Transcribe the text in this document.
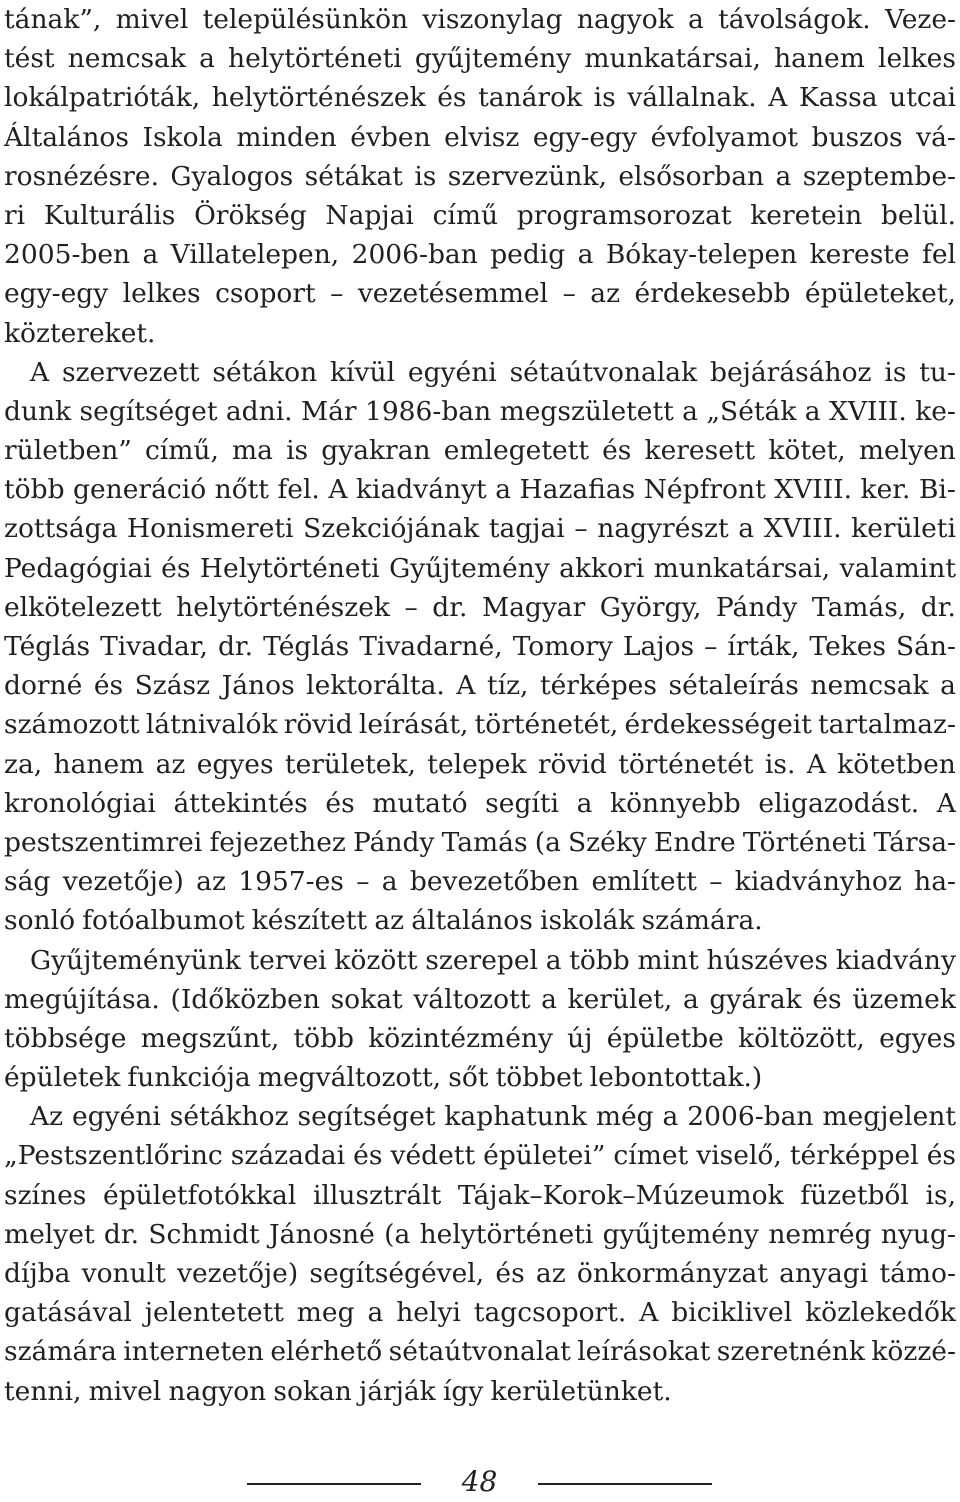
tának”, mivel településünkön viszonylag nagyok a távolságok. Veze-
tést nemcsak a helytörténeti gyűjtemény munkatársai, hanem lelkes
lokálpatrióták, helytörténészek és tanárok is vállalnak. A Kassa utcai
Általános Iskola minden évben elvisz egy-egy évfolyamot buszos vá-
rosnézésre. Gyalogos sétákat is szervezünk, elsősorban a szeptembe-
ri Kulturális Örökség Napjai című programsorozat keretein belül.
2005-ben a Villatelepen, 2006-ban pedig a Bókay-telepen kereste fel
egy-egy lelkes csoport – vezetésemmel – az érdekesebb épületeket,
köztereket.
A szervezett sétákon kívül egyéni sétaútvonalak bejárásához is tu-
dunk segítséget adni. Már 1986-ban megszületett a „Séták a XVIII. ke-
rületben” című, ma is gyakran emlegetett és keresett kötet, melyen
több generáció nőtt fel. A kiadványt a Hazafias Népfront XVIII. ker. Bi-
zottsága Honismereti Szekciójának tagjai – nagyrészt a XVIII. kerületi
Pedagógiai és Helytörténeti Gyűjtemény akkori munkatársai, valamint
elkötelezett helytörténészek – dr. Magyar György, Pándy Tamás, dr.
Téglás Tivadar, dr. Téglás Tivadarné, Tomory Lajos – írták, Tekes Sán-
dorné és Szász János lektorálta. A tíz, térképes sétaleírás nemcsak a
számozott látnivalók rövid leírását, történetét, érdekességeit tartalmaz-
za, hanem az egyes területek, telepek rövid történetét is. A kötetben
kronológiai áttekintés és mutató segíti a könnyebb eligazodást. A
pestszentimrei fejezethez Pándy Tamás (a Széky Endre Történeti Társa-
ság vezetője) az 1957-es – a bevezetőben említett – kiadványhoz ha-
sonló fotóalbumot készített az általános iskolák számára.
Gyűjteményünk tervei között szerepel a több mint húszéves kiadvány
megújítása. (Időközben sokat változott a kerület, a gyárak és üzemek
többsége megszűnt, több közintézmény új épületbe költözött, egyes
épületek funkciója megváltozott, sőt többet lebontottak.)
Az egyéni sétákhoz segítséget kaphatunk még a 2006-ban megjelent
„Pestszentlőrinc századai és védett épületei” címet viselő, térképpel és
színes épületfotókkal illusztrált Tájak–Korok–Múzeumok füzetből is,
melyet dr. Schmidt Jánosné (a helytörténeti gyűjtemény nemrég nyug-
díjba vonult vezetője) segítségével, és az önkormányzat anyagi támo-
gatásával jelentetett meg a helyi tagcsoport. A biciklivel közlekedők
számára interneten elérhető sétaútvonalat leírásokat szeretnénk közzé-
tenni, mivel nagyon sokan járják így kerületünket.
48
